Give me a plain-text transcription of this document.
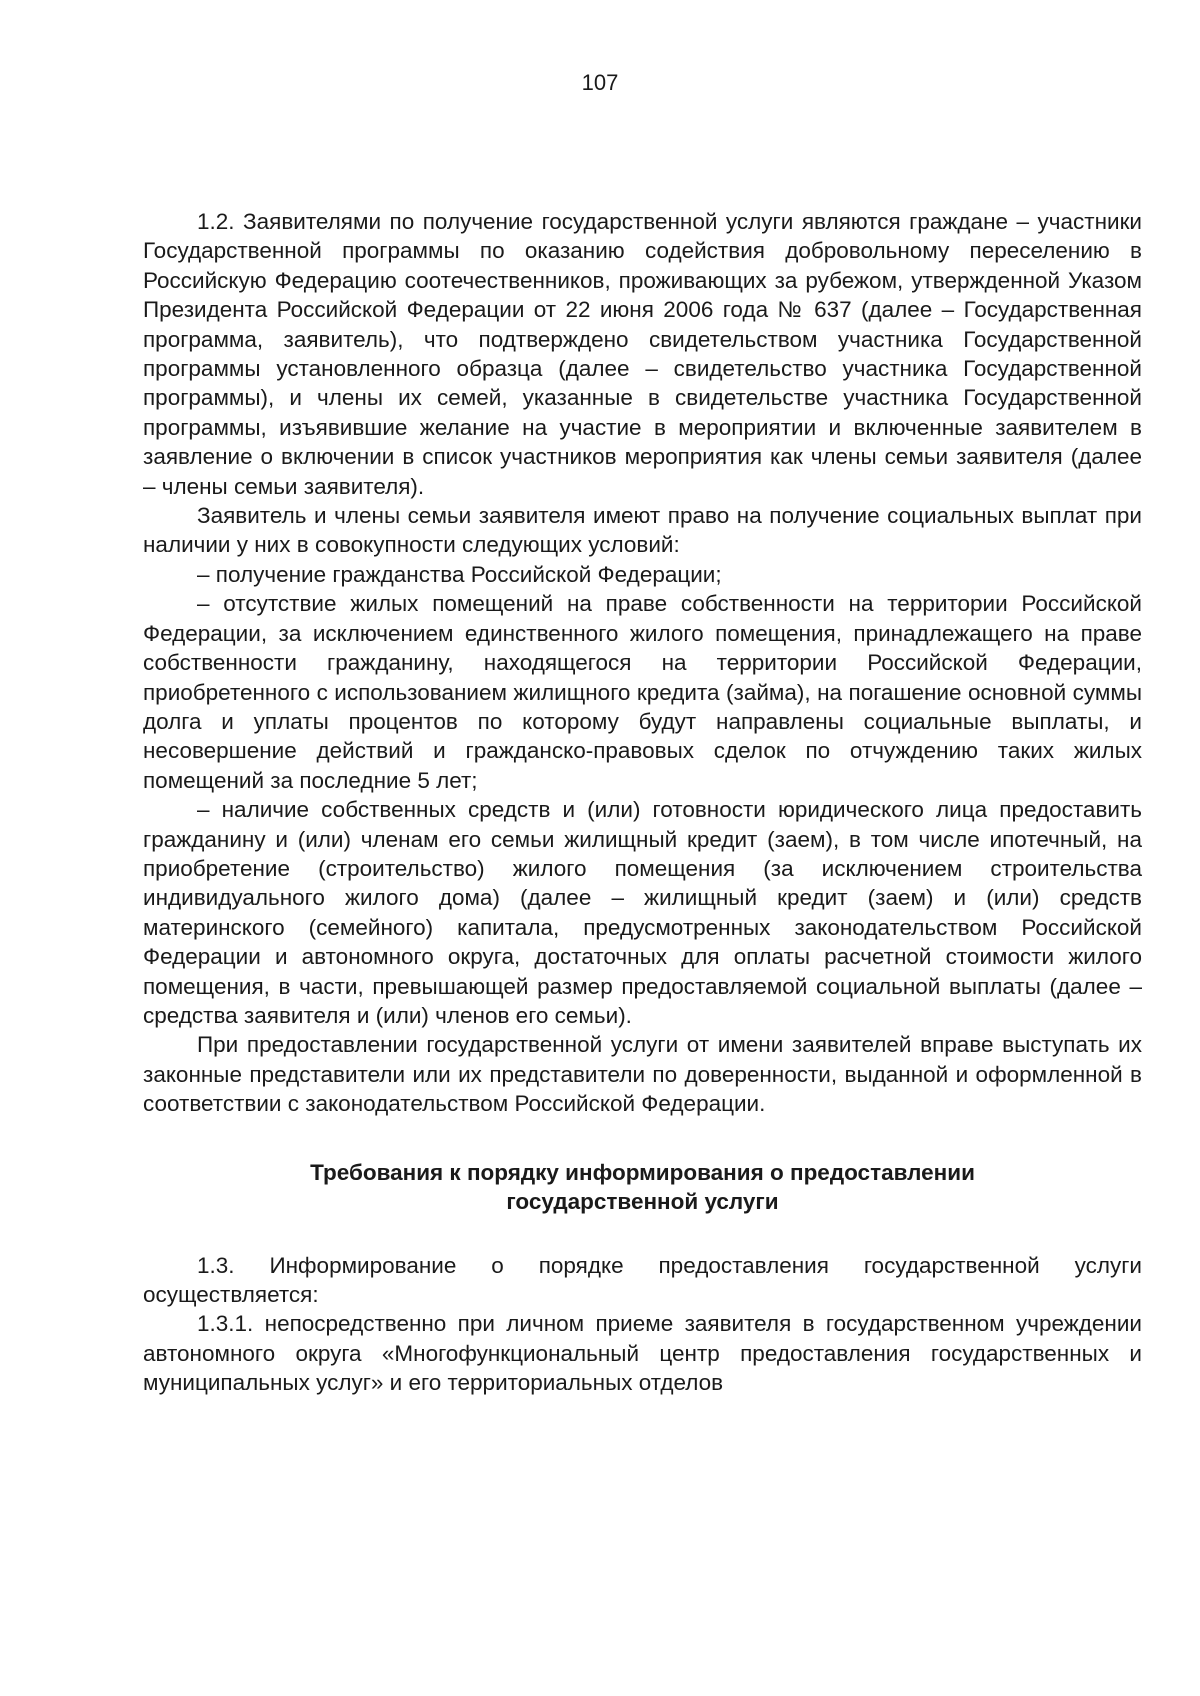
107

1.2. Заявителями по получение государственной услуги являются граждане – участники Государственной программы по оказанию содействия добровольному переселению в Российскую Федерацию соотечественников, проживающих за рубежом, утвержденной Указом Президента Российской Федерации от 22 июня 2006 года № 637 (далее – Государственная программа, заявитель), что подтверждено свидетельством участника Государственной программы установленного образца (далее – свидетельство участника Государственной программы), и члены их семей, указанные в свидетельстве участника Государственной программы, изъявившие желание на участие в мероприятии и включенные заявителем в заявление о включении в список участников мероприятия как члены семьи заявителя (далее – члены семьи заявителя).

Заявитель и члены семьи заявителя имеют право на получение социальных выплат при наличии у них в совокупности следующих условий:

– получение гражданства Российской Федерации;

– отсутствие жилых помещений на праве собственности на территории Российской Федерации, за исключением единственного жилого помещения, принадлежащего на праве собственности гражданину, находящегося на территории Российской Федерации, приобретенного с использованием жилищного кредита (займа), на погашение основной суммы долга и уплаты процентов по которому будут направлены социальные выплаты, и несовершение действий и гражданско-правовых сделок по отчуждению таких жилых помещений за последние 5 лет;

– наличие собственных средств и (или) готовности юридического лица предоставить гражданину и (или) членам его семьи жилищный кредит (заем), в том числе ипотечный, на приобретение (строительство) жилого помещения (за исключением строительства индивидуального жилого дома) (далее – жилищный кредит (заем) и (или) средств материнского (семейного) капитала, предусмотренных законодательством Российской Федерации и автономного округа, достаточных для оплаты расчетной стоимости жилого помещения, в части, превышающей размер предоставляемой социальной выплаты (далее – средства заявителя и (или) членов его семьи).

При предоставлении государственной услуги от имени заявителей вправе выступать их законные представители или их представители по доверенности, выданной и оформленной в соответствии с законодательством Российской Федерации.

Требования к порядку информирования о предоставлении
государственной услуги

1.3. Информирование о порядке предоставления государственной услуги осуществляется:

1.3.1. непосредственно при личном приеме заявителя в государственном учреждении автономного округа «Многофункциональный центр предоставления государственных и муниципальных услуг» и его территориальных отделов
